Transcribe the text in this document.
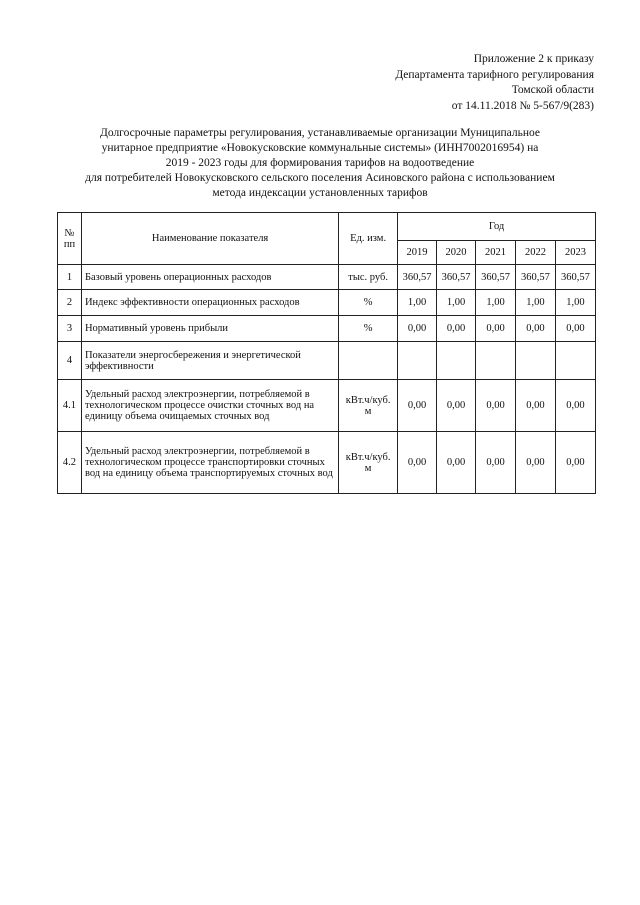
Приложение 2 к приказу
Департамента тарифного регулирования
Томской области
от 14.11.2018 № 5-567/9(283)
Долгосрочные параметры регулирования, устанавливаемые организации Муниципальное
унитарное предприятие «Новокусковские коммунальные системы» (ИНН7002016954) на
2019 - 2023 годы для формирования тарифов на водоотведение
для потребителей Новокусковского сельского поселения Асиновского района с использованием
метода индексации установленных тарифов
№ пп	Наименование показателя	Ед. изм.	Год				
			2019	2020	2021	2022	2023
1	Базовый уровень операционных расходов	тыс. руб.	360,57	360,57	360,57	360,57	360,57
2	Индекс эффективности операционных расходов	%	1,00	1,00	1,00	1,00	1,00
3	Нормативный уровень прибыли	%	0,00	0,00	0,00	0,00	0,00
4	Показатели энергосбережения и энергетической эффективности						
4.1	Удельный расход электроэнергии, потребляемой в технологическом процессе очистки сточных вод на единицу объема очищаемых сточных вод	кВт.ч/куб. м	0,00	0,00	0,00	0,00	0,00
4.2	Удельный расход электроэнергии, потребляемой в технологическом процессе транспортировки сточных вод на единицу объема транспортируемых сточных вод	кВт.ч/куб. м	0,00	0,00	0,00	0,00	0,00
